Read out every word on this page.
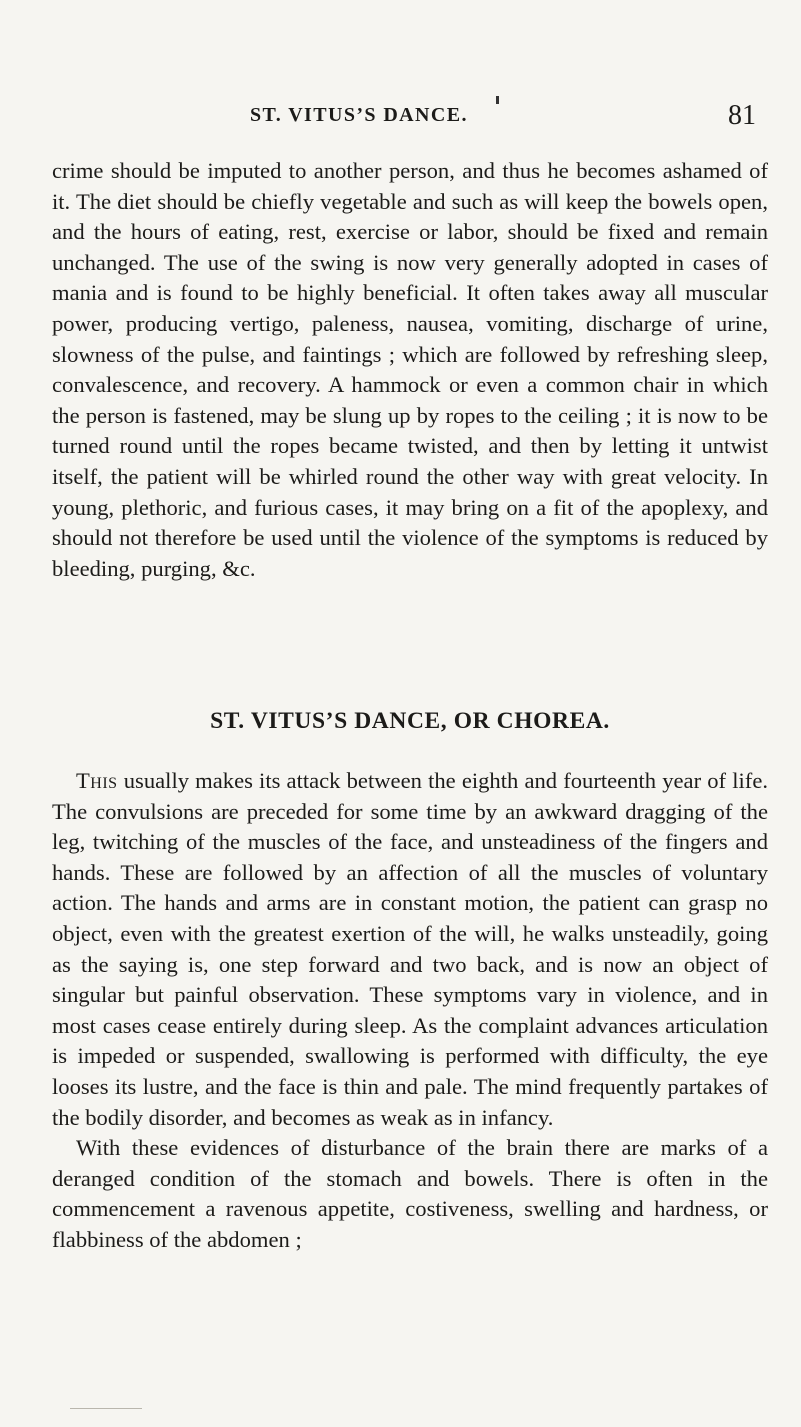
ST. VITUS’S DANCE.	81

crime should be imputed to another person, and thus he becomes ashamed of it. The diet should be chiefly vegetable and such as will keep the bowels open, and the hours of eating, rest, exercise or labor, should be fixed and remain unchanged. The use of the swing is now very generally adopted in cases of mania and is found to be highly beneficial. It often takes away all muscular power, producing vertigo, paleness, nausea, vomiting, discharge of urine, slowness of the pulse, and faintings ; which are followed by refreshing sleep, convalescence, and recovery. A hammock or even a common chair in which the person is fastened, may be slung up by ropes to the ceiling ; it is now to be turned round until the ropes became twisted, and then by letting it untwist itself, the patient will be whirled round the other way with great velocity. In young, plethoric, and furious cases, it may bring on a fit of the apoplexy, and should not therefore be used until the violence of the symptoms is reduced by bleeding, purging, &c.

ST. VITUS’S DANCE, OR CHOREA.

This usually makes its attack between the eighth and fourteenth year of life. The convulsions are preceded for some time by an awkward dragging of the leg, twitching of the muscles of the face, and unsteadiness of the fingers and hands. These are followed by an affection of all the muscles of voluntary action. The hands and arms are in constant motion, the patient can grasp no object, even with the greatest exertion of the will, he walks unsteadily, going as the saying is, one step forward and two back, and is now an object of singular but painful observation. These symptoms vary in violence, and in most cases cease entirely during sleep. As the complaint advances articulation is impeded or suspended, swallowing is performed with difficulty, the eye looses its lustre, and the face is thin and pale. The mind frequently partakes of the bodily disorder, and becomes as weak as in infancy.

With these evidences of disturbance of the brain there are marks of a deranged condition of the stomach and bowels. There is often in the commencement a ravenous appetite, costiveness, swelling and hardness, or flabbiness of the abdomen ;
